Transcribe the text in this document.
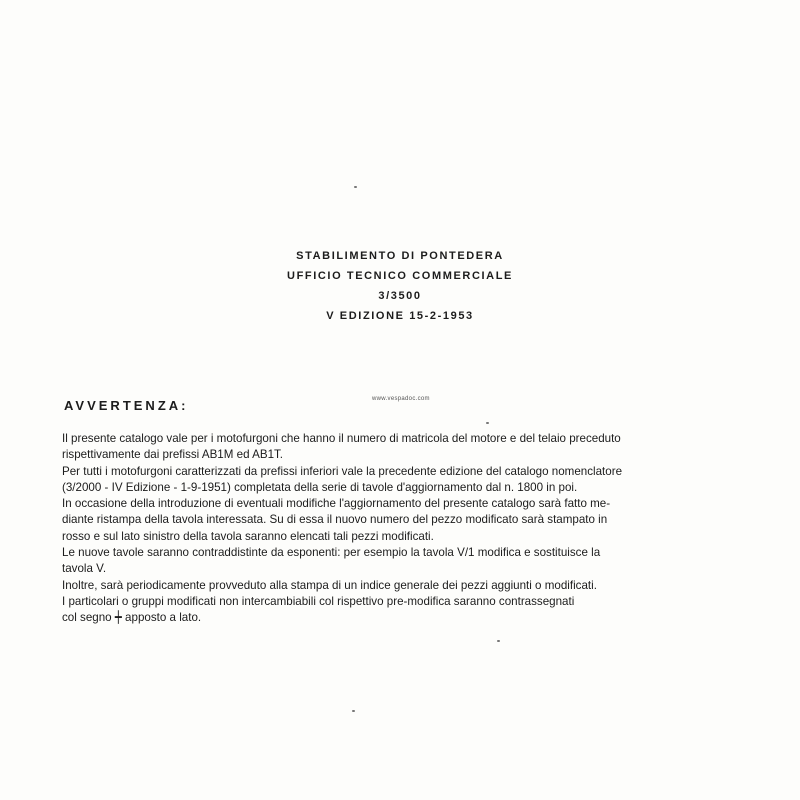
STABILIMENTO DI PONTEDERA
UFFICIO TECNICO COMMERCIALE
3/3500
V EDIZIONE 15-2-1953
AVVERTENZA:	www.vespadoc.com
Il presente catalogo vale per i motofurgoni che hanno il numero di matricola del motore e del telaio preceduto
rispettivamente dai prefissi AB1M ed AB1T.
Per tutti i motofurgoni caratterizzati da prefissi inferiori vale la precedente edizione del catalogo nomenclatore
(3/2000 - IV Edizione - 1-9-1951) completata della serie di tavole d'aggiornamento dal n. 1800 in poi.
In occasione della introduzione di eventuali modifiche l'aggiornamento del presente catalogo sarà fatto me-
diante ristampa della tavola interessata. Su di essa il nuovo numero del pezzo modificato sarà stampato in
rosso e sul lato sinistro della tavola saranno elencati tali pezzi modificati.
Le nuove tavole saranno contraddistinte da esponenti: per esempio la tavola V/1 modifica e sostituisce la
tavola V.
Inoltre, sarà periodicamente provveduto alla stampa di un indice generale dei pezzi aggiunti o modificati.
I particolari o gruppi modificati non intercambiabili col rispettivo pre-modifica saranno contrassegnati
col segno ┿ apposto a lato.
